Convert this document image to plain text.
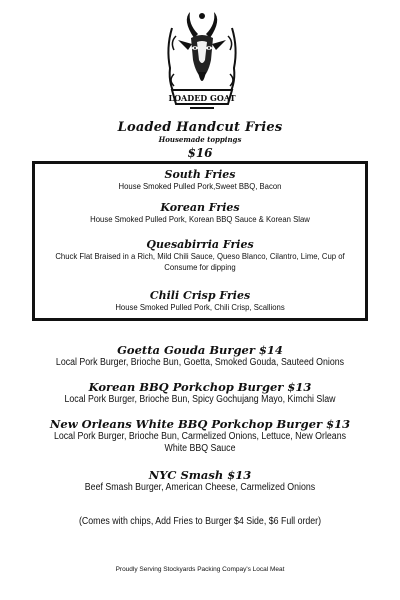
LOADED GOAT
Loaded Handcut Fries
Housemade toppings
$16
South Fries
House Smoked Pulled Pork,Sweet BBQ, Bacon
Korean Fries
House Smoked Pulled Pork, Korean BBQ Sauce & Korean Slaw
Quesabirria Fries
Chuck Flat Braised in a Rich, Mild Chili Sauce, Queso Blanco, Cilantro, Lime, Cup of Consume for dipping
Chili Crisp Fries
House Smoked Pulled Pork, Chili Crisp, Scallions
Goetta Gouda Burger $14
Local Pork Burger, Brioche Bun, Goetta, Smoked Gouda, Sauteed Onions
Korean BBQ Porkchop Burger $13
Local Pork Burger, Brioche Bun, Spicy Gochujang Mayo, Kimchi Slaw
New Orleans White BBQ Porkchop Burger $13
Local Pork Burger, Brioche Bun, Carmelized Onions, Lettuce, New Orleans White BBQ Sauce
NYC Smash $13
Beef Smash Burger, American Cheese, Carmelized Onions
(Comes with chips, Add Fries to Burger $4 Side, $6 Full order)
Proudly Serving Stockyards Packing Compay's Local Meat
